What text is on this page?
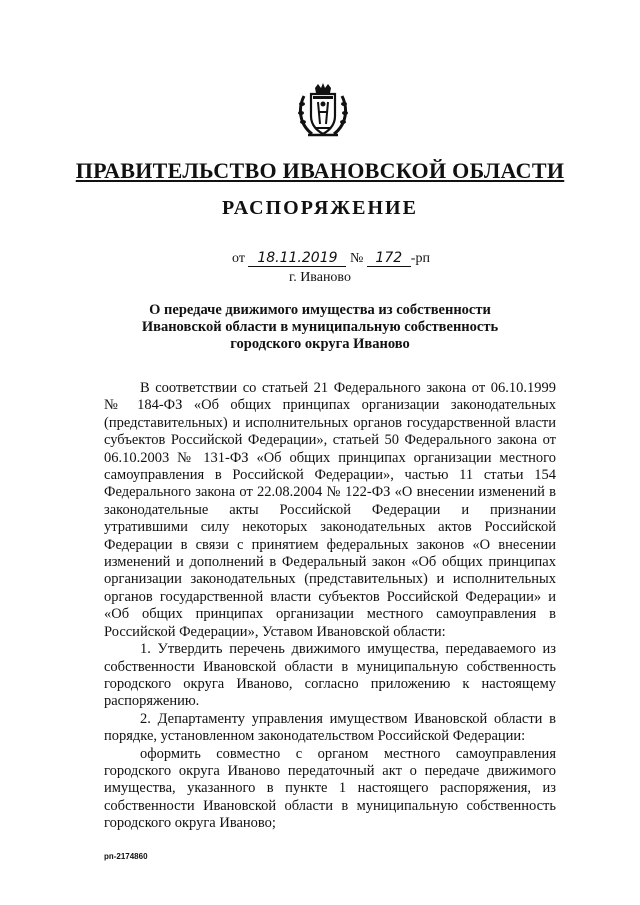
ПРАВИТЕЛЬСТВО ИВАНОВСКОЙ ОБЛАСТИ
РАСПОРЯЖЕНИЕ
от 18.11.2019 № 172 -рп
г. Иваново
О передаче движимого имущества из собственности
Ивановской области в муниципальную собственность
городского округа Иваново

В соответствии со статьей 21 Федерального закона от 06.10.1999 № 184-ФЗ «Об общих принципах организации законодательных (представительных) и исполнительных органов государственной власти субъектов Российской Федерации», статьей 50 Федерального закона от 06.10.2003 № 131-ФЗ «Об общих принципах организации местного самоуправления в Российской Федерации», частью 11 статьи 154 Федерального закона от 22.08.2004 № 122-ФЗ «О внесении изменений в законодательные акты Российской Федерации и признании утратившими силу некоторых законодательных актов Российской Федерации в связи с принятием федеральных законов «О внесении изменений и дополнений в Федеральный закон «Об общих принципах организации законодательных (представительных) и исполнительных органов государственной власти субъектов Российской Федерации» и «Об общих принципах организации местного самоуправления в Российской Федерации», Уставом Ивановской области:

1. Утвердить перечень движимого имущества, передаваемого из собственности Ивановской области в муниципальную собственность городского округа Иваново, согласно приложению к настоящему распоряжению.

2. Департаменту управления имуществом Ивановской области в порядке, установленном законодательством Российской Федерации:

оформить совместно с органом местного самоуправления городского округа Иваново передаточный акт о передаче движимого имущества, указанного в пункте 1 настоящего распоряжения, из собственности Ивановской области в муниципальную собственность городского округа Иваново;

рп-2174860
